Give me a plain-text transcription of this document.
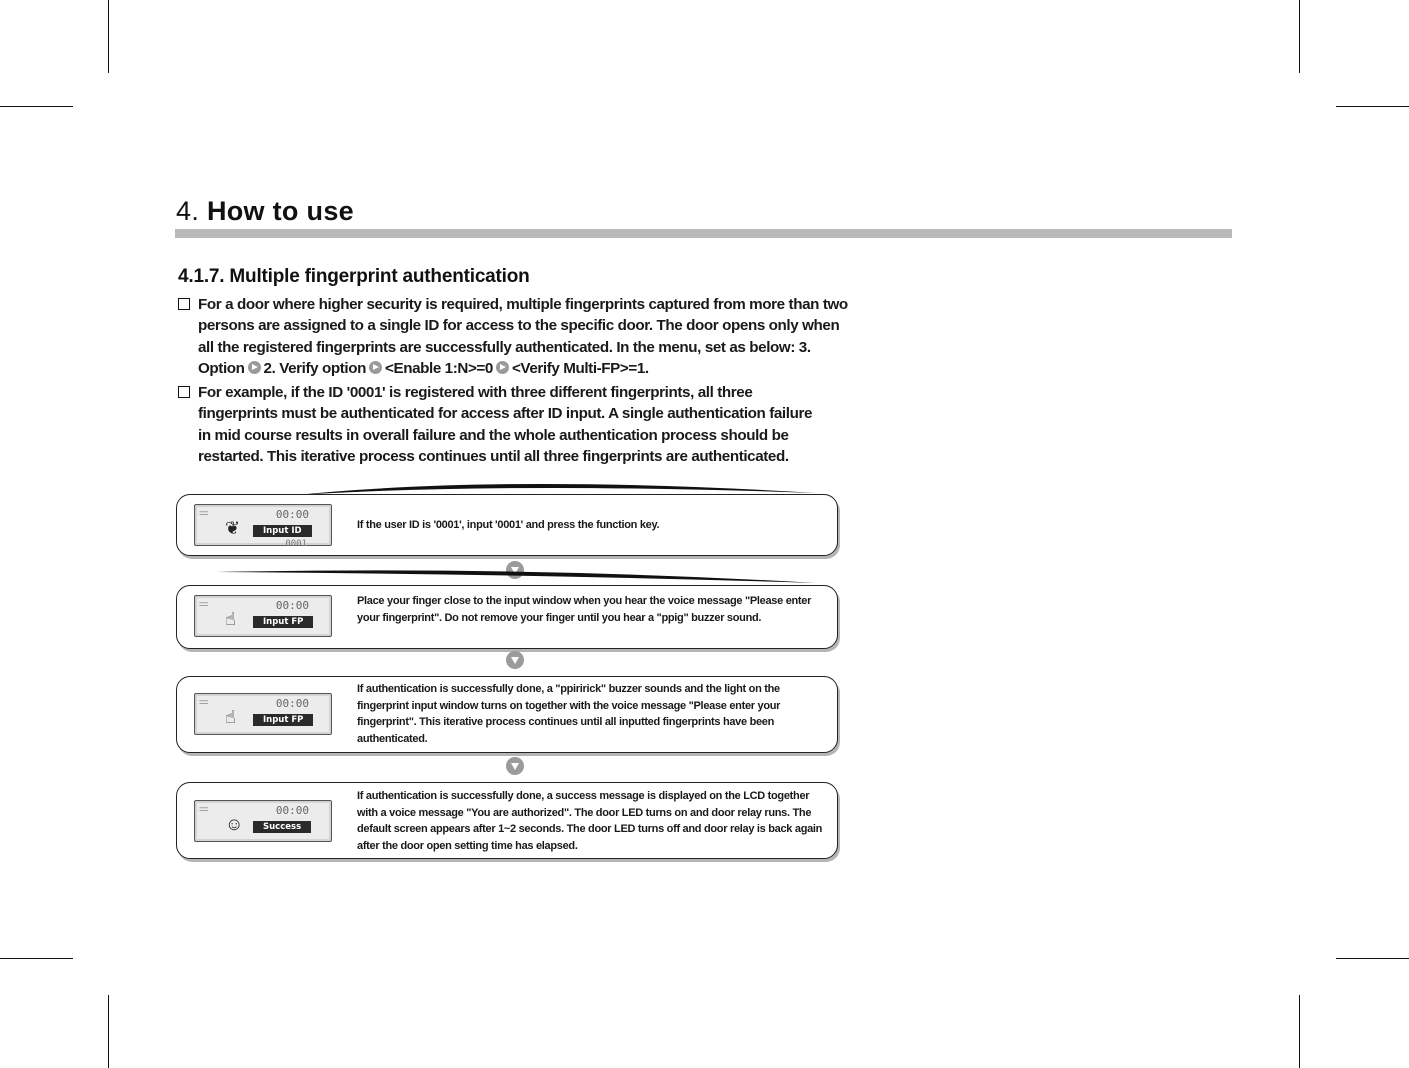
4. How to use
4.1.7. Multiple fingerprint authentication
For a door where higher security is required, multiple fingerprints captured from more than two persons are assigned to a single ID for access to the specific door. The door opens only when all the registered fingerprints are successfully authenticated. In the menu, set as below: 3. Option 2. Verify option <Enable 1:N>=0 <Verify Multi-FP>=1.
For example, if the ID '0001' is registered with three different fingerprints, all three fingerprints must be authenticated for access after ID input. A single authentication failure in mid course results in overall failure and the whole authentication process should be restarted. This iterative process continues until all three fingerprints are authenticated.
==	00:00
❦	Input ID
0001
If the user ID is '0001', input '0001' and press the function key.
==	00:00
☝	Input FP
Place your finger close to the input window when you hear the voice message "Please enter your fingerprint". Do not remove your finger until you hear a "ppig" buzzer sound.
==	00:00
☝	Input FP
If authentication is successfully done, a "ppiririck" buzzer sounds and the light on the fingerprint input window turns on together with the voice message "Please enter your fingerprint". This iterative process continues until all inputted fingerprints have been authenticated.
==	00:00
☺	Success
If authentication is successfully done, a success message is displayed on the LCD together with a voice message "You are authorized". The door LED turns on and door relay runs. The default screen appears after 1~2 seconds. The door LED turns off and door relay is back again after the door open setting time has elapsed.
